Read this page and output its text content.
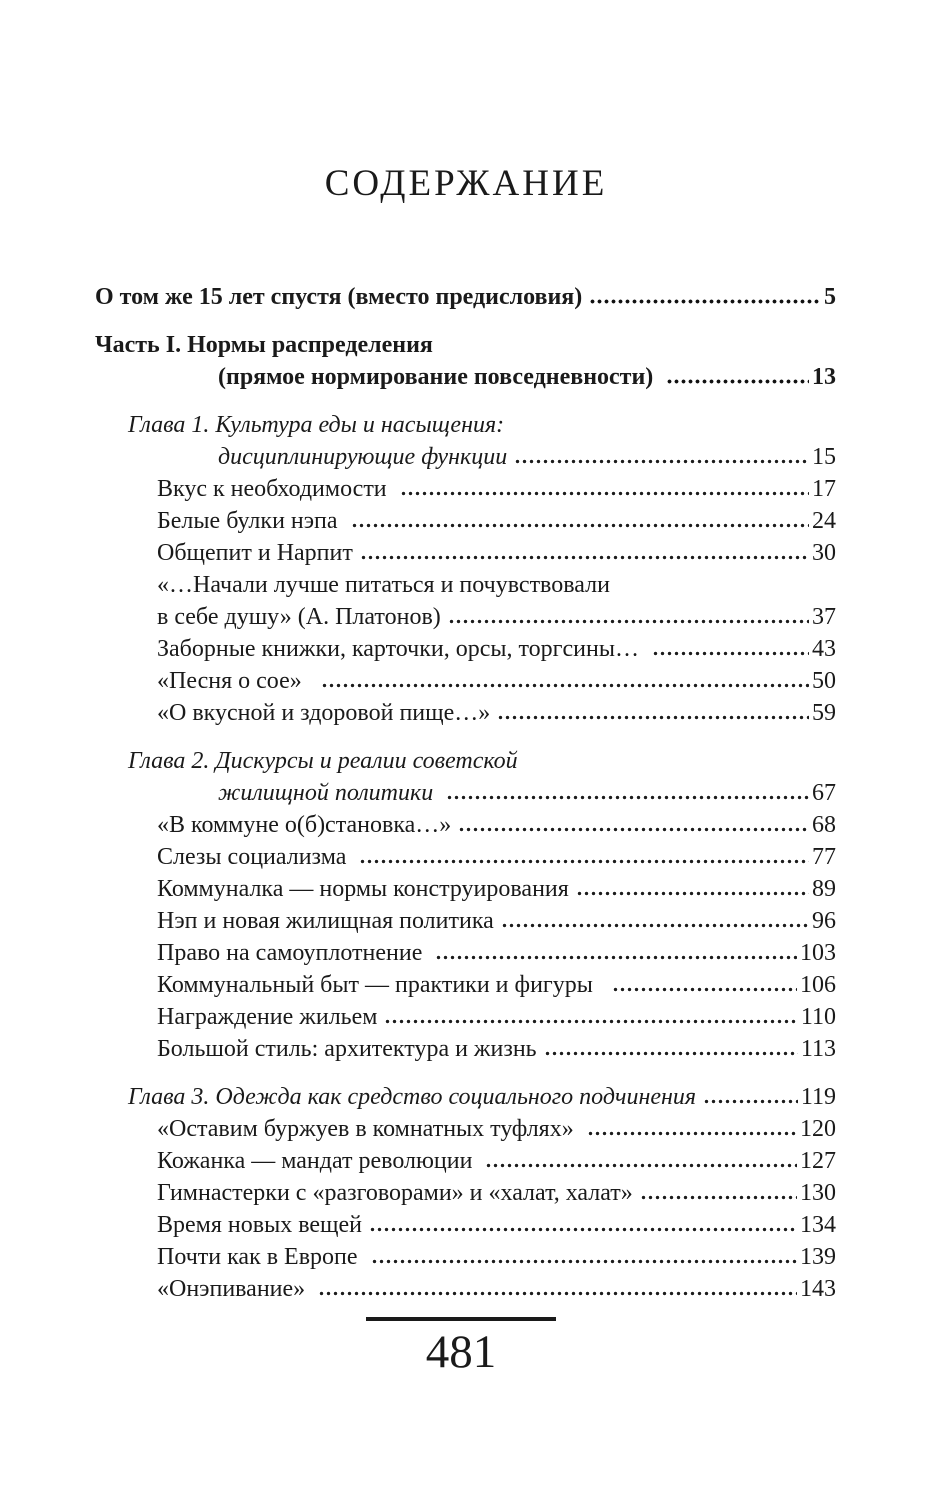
СОДЕРЖАНИЕ
О том же 15 лет спустя (вместо предисловия)	5
Часть I. Нормы распределения
(прямое нормирование повседневности)	13
Глава 1. Культура еды и насыщения:
дисциплинирующие функции	15
Вкус к необходимости	17
Белые булки нэпа	24
Общепит и Нарпит	30
«…Начали лучше питаться и почувствовали
в себе душу» (А. Платонов)	37
Заборные книжки, карточки, орсы, торгсины…	43
«Песня о сое»	50
«О вкусной и здоровой пище…»	59
Глава 2. Дискурсы и реалии советской
жилищной политики	67
«В коммуне о(б)становка…»	68
Слезы социализма	77
Коммуналка — нормы конструирования	89
Нэп и новая жилищная политика	96
Право на самоуплотнение	103
Коммунальный быт — практики и фигуры	106
Награждение жильем	110
Большой стиль: архитектура и жизнь	113
Глава 3. Одежда как средство социального подчинения	119
«Оставим буржуев в комнатных туфлях»	120
Кожанка — мандат революции	127
Гимнастерки с «разговорами» и «халат, халат»	130
Время новых вещей	134
Почти как в Европе	139
«Онэпивание»	143
481
